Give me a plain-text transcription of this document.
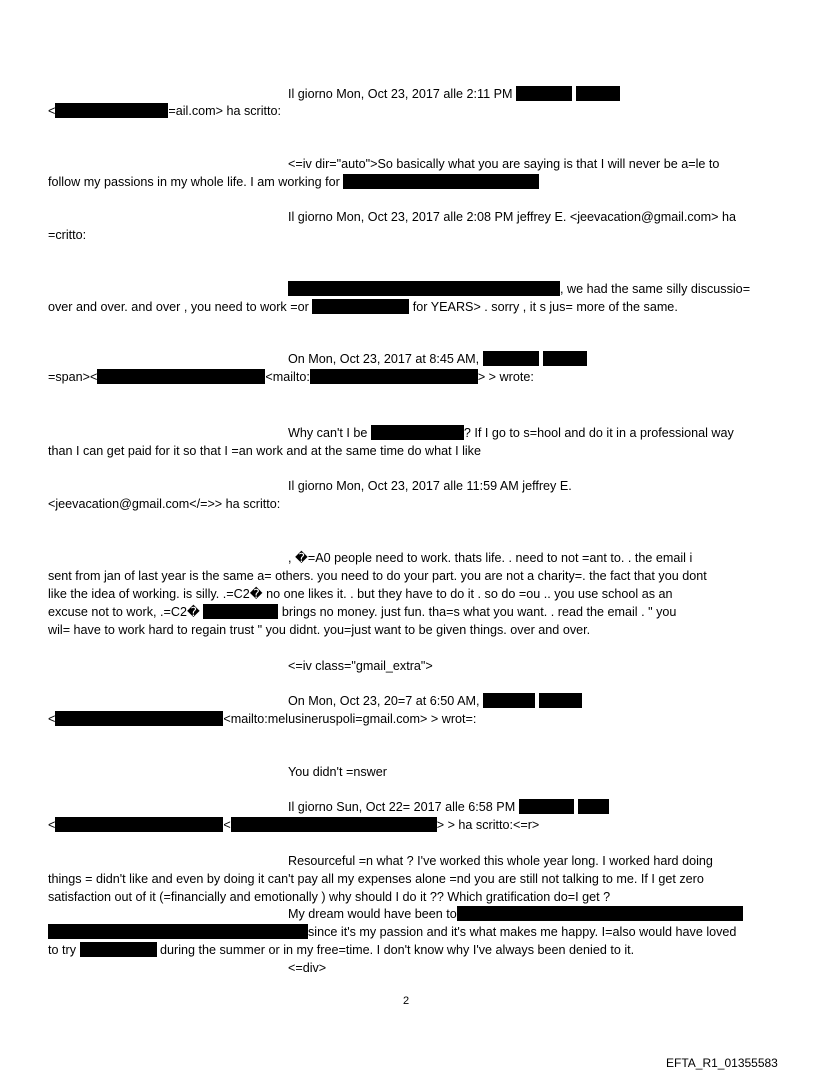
Il giorno Mon, Oct 23, 2017 alle 2:11 PM

<	=ail.com> ha scritto:

<=iv dir="auto">So basically what you are saying is that I will never be a=le to

follow my passions in my whole life. I am working for

Il giorno Mon, Oct 23, 2017 alle 2:08 PM jeffrey E. <jeevacation@gmail.com> ha

=critto:

, we had the same silly discussio=

over and over. and over , you need to work =or	for YEARS> . sorry , it s jus= more of the same.

On Mon, Oct 23, 2017 at 8:45 AM,

=span><	<mailto:	> > wrote:

Why can't I be	? If I go to s=hool and do it in a professional way

than I can get paid for it so that I =an work and at the same time do what I like

Il giorno Mon, Oct 23, 2017 alle 11:59 AM jeffrey E.

<jeevacation@gmail.com</=>> ha scritto:

, �=A0 people need to work. thats life. . need to not =ant to. . the email i

sent from jan of last year is the same a= others. you need to do your part. you are not a charity=. the fact that you dont

like the idea of working. is silly. .=C2� no one likes it. . but they have to do it . so do =ou .. you use school as an

excuse not to work, .=C2�	brings no money. just fun. tha=s what you want. . read the email . " you

wil= have to work hard to regain trust " you didnt. you=just want to be given things. over and over.

<=iv class="gmail_extra">

On Mon, Oct 23, 20=7 at 6:50 AM,

<	<mailto:melusineruspoli=gmail.com> > wrot=:

You didn't =nswer

Il giorno Sun, Oct 22= 2017 alle 6:58 PM

<	<	> > ha scritto:<=r>

Resourceful =n what ? I've worked this whole year long. I worked hard doing

things = didn't like and even by doing it can't pay all my expenses alone =nd you are still not talking to me. If I get zero

satisfaction out of it (=financially and emotionally ) why should I do it ?? Which gratification do=I get ?

My dream would have been to

since it's my passion and it's what makes me happy. I=also would have loved

to try	during the summer or in my free=time. I don't know why I've always been denied to it.

<=div>

2
EFTA_R1_01355583
